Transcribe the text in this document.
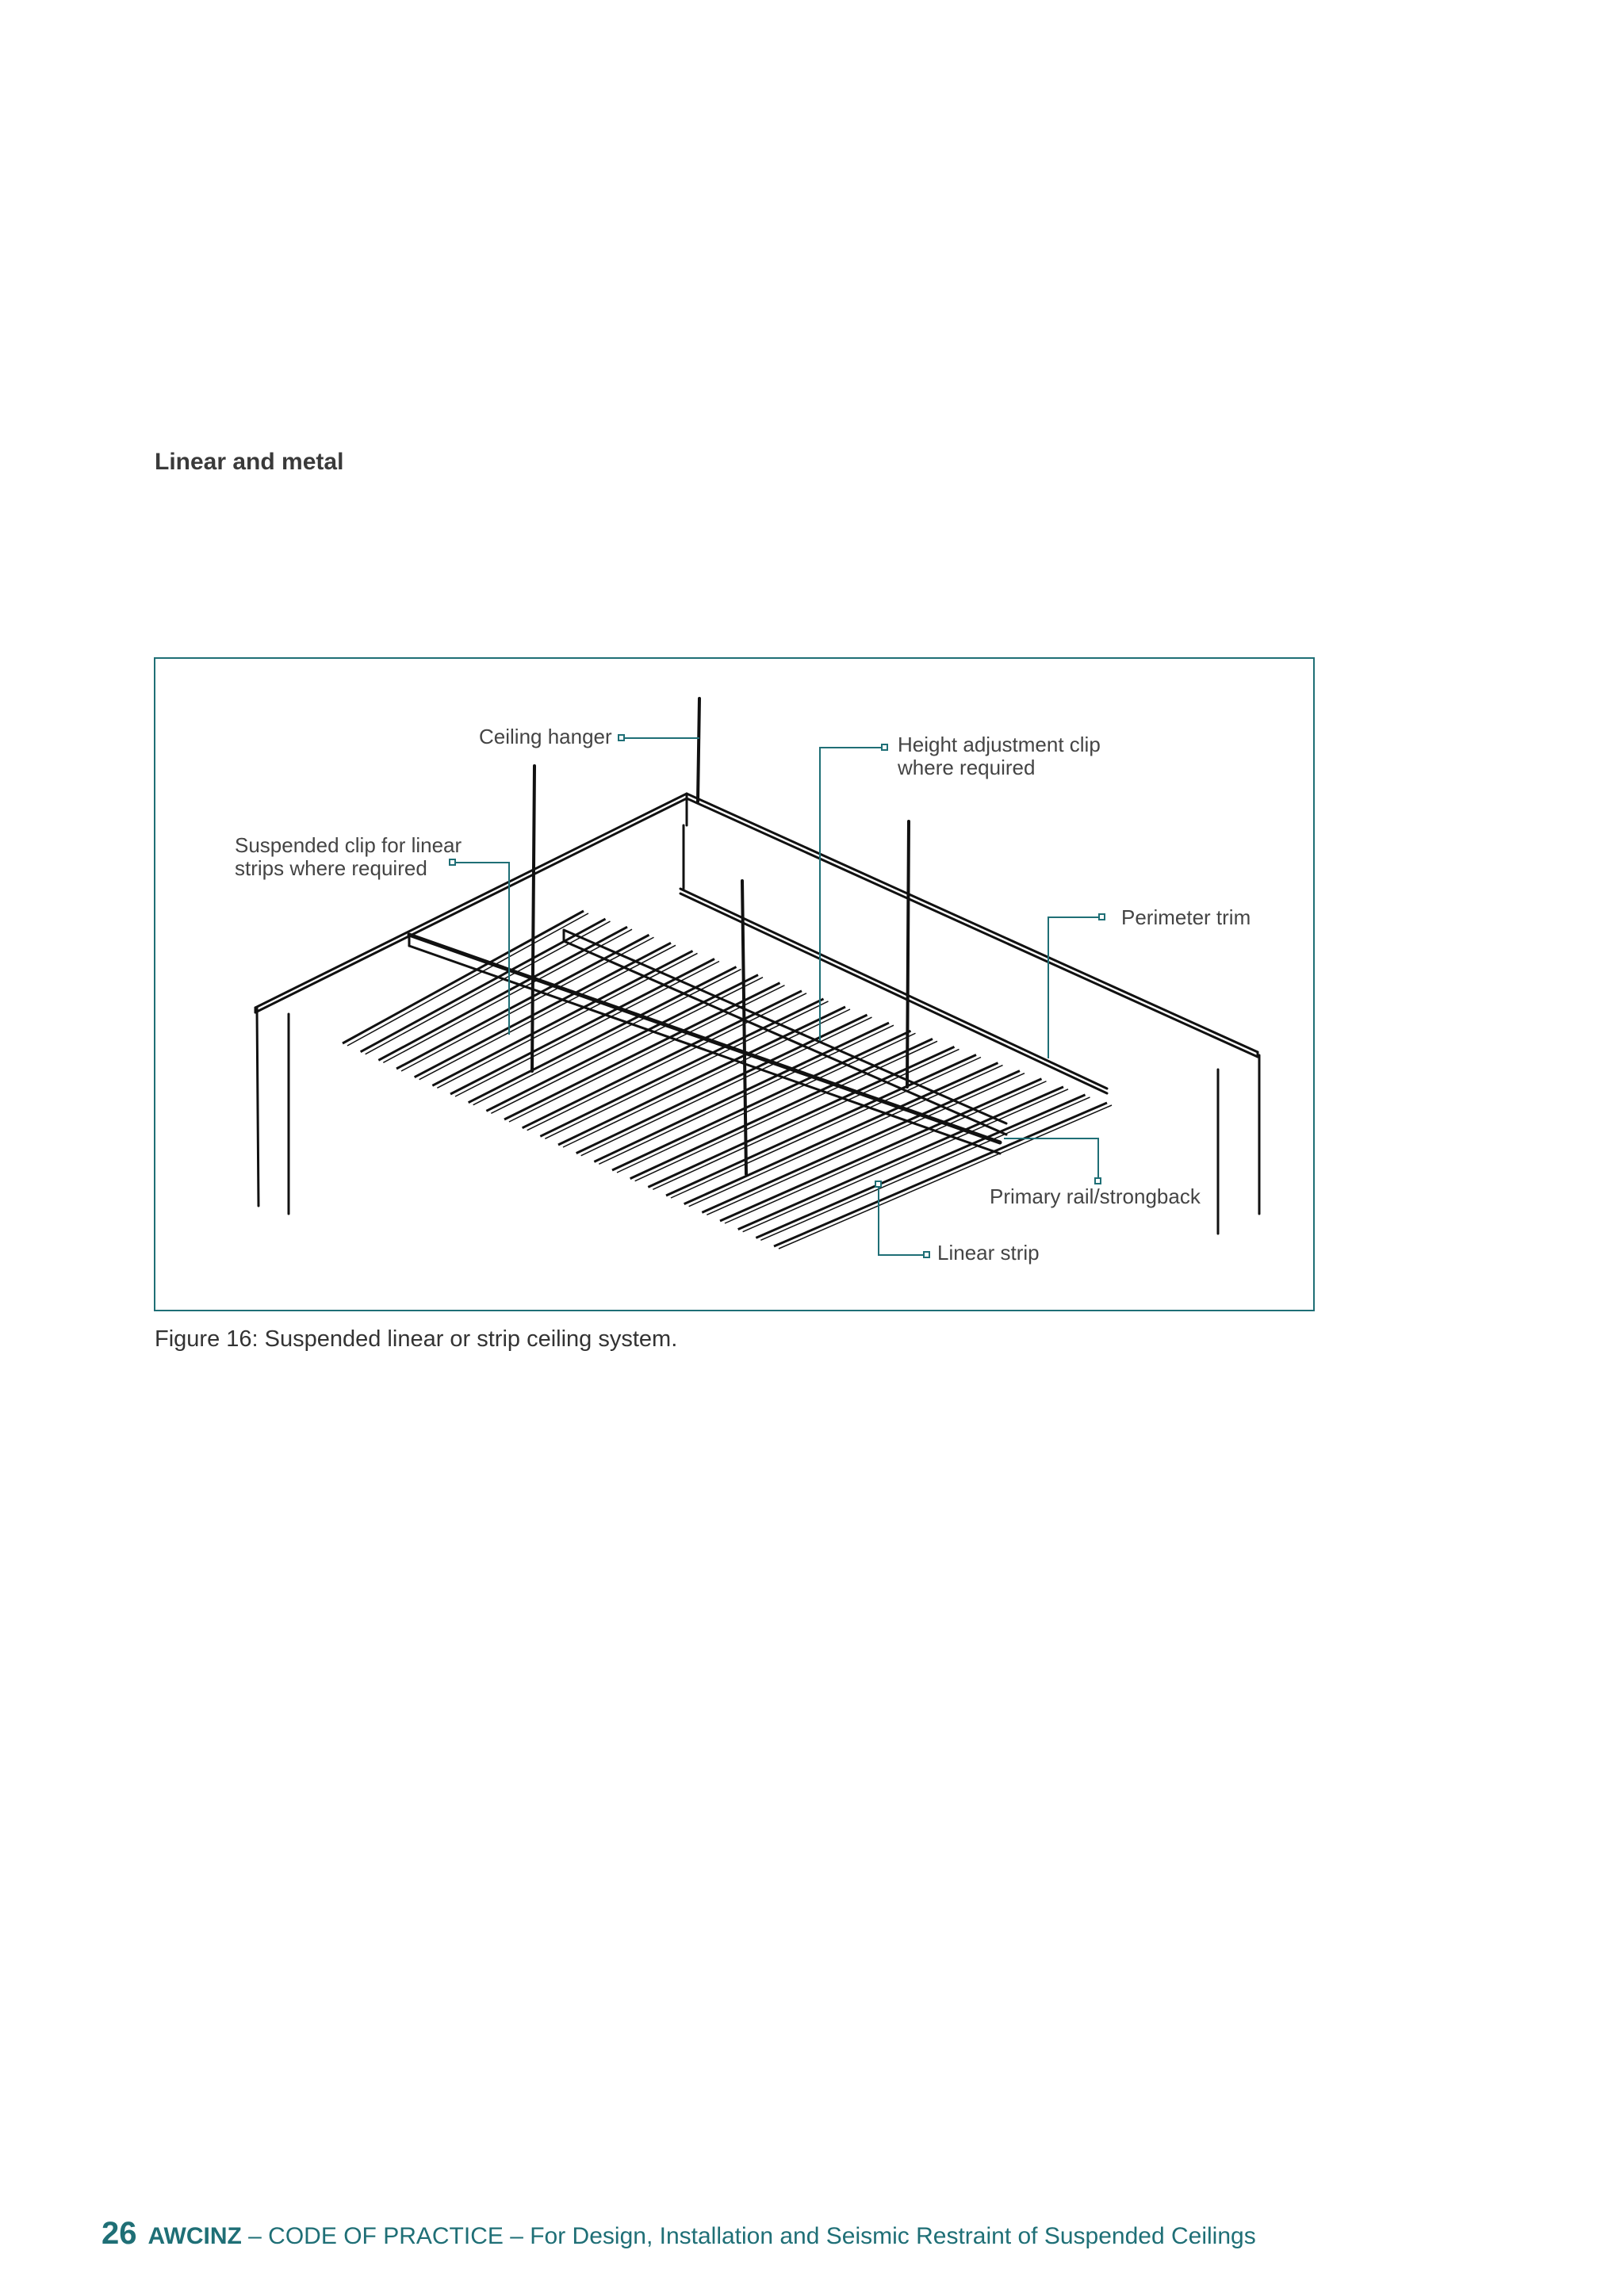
Linear and metal
Ceiling hanger	Height adjustment clip
where required
Suspended clip for linear
strips where required
Perimeter trim
Primary rail/strongback
Linear strip
Figure 16: Suspended linear or strip ceiling system.
26 AWCINZ – CODE OF PRACTICE – For Design, Installation and Seismic Restraint of Suspended Ceilings
